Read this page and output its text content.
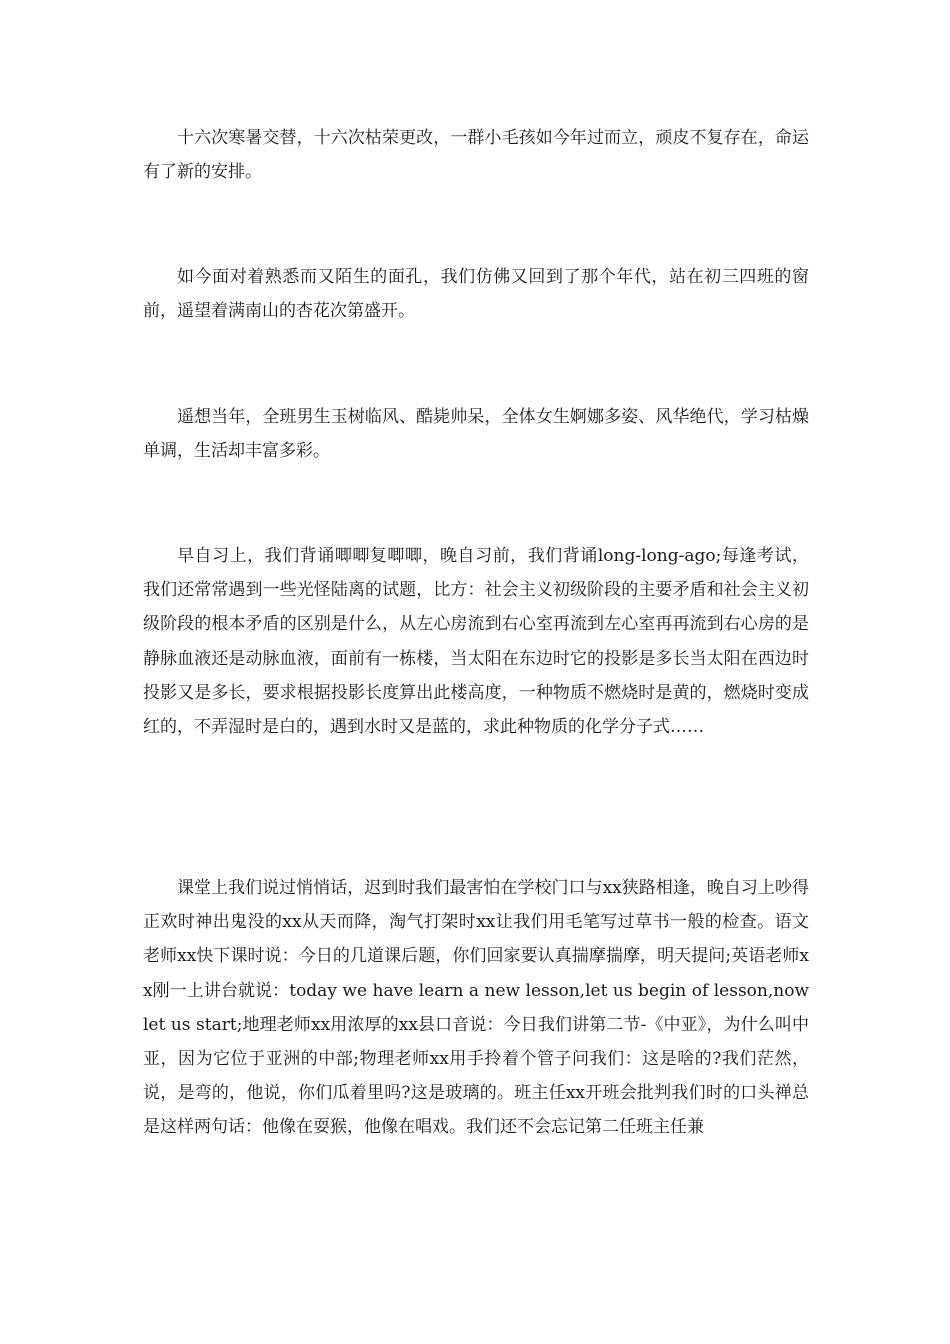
十六次寒暑交替，十六次枯荣更改，一群小毛孩如今年过而立，顽皮不复存在，命运有了新的安排。

如今面对着熟悉而又陌生的面孔，我们仿佛又回到了那个年代，站在初三四班的窗前，遥望着满南山的杏花次第盛开。

遥想当年，全班男生玉树临风、酷毙帅呆，全体女生婀娜多姿、风华绝代，学习枯燥单调，生活却丰富多彩。

早自习上，我们背诵唧唧复唧唧，晚自习前，我们背诵long-long-ago;每逢考试，我们还常常遇到一些光怪陆离的试题，比方：社会主义初级阶段的主要矛盾和社会主义初级阶段的根本矛盾的区别是什么，从左心房流到右心室再流到左心室再再流到右心房的是静脉血液还是动脉血液，面前有一栋楼，当太阳在东边时它的投影是多长当太阳在西边时投影又是多长，要求根据投影长度算出此楼高度，一种物质不燃烧时是黄的，燃烧时变成红的，不弄湿时是白的，遇到水时又是蓝的，求此种物质的化学分子式……

课堂上我们说过悄悄话，迟到时我们最害怕在学校门口与xx狭路相逢，晚自习上吵得正欢时神出鬼没的xx从天而降，淘气打架时xx让我们用毛笔写过草书一般的检查。语文老师xx快下课时说：今日的几道课后题，你们回家要认真揣摩揣摩，明天提问;英语老师xx刚一上讲台就说：today we have learn a new lesson,let us begin of lesson,now let us start;地理老师xx用浓厚的xx县口音说：今日我们讲第二节-《中亚》，为什么叫中亚，因为它位于亚洲的中部;物理老师xx用手拎着个管子问我们：这是啥的?我们茫然，说，是弯的，他说，你们瓜着里吗?这是玻璃的。班主任xx开班会批判我们时的口头禅总是这样两句话：他像在耍猴，他像在唱戏。我们还不会忘记第二任班主任兼
